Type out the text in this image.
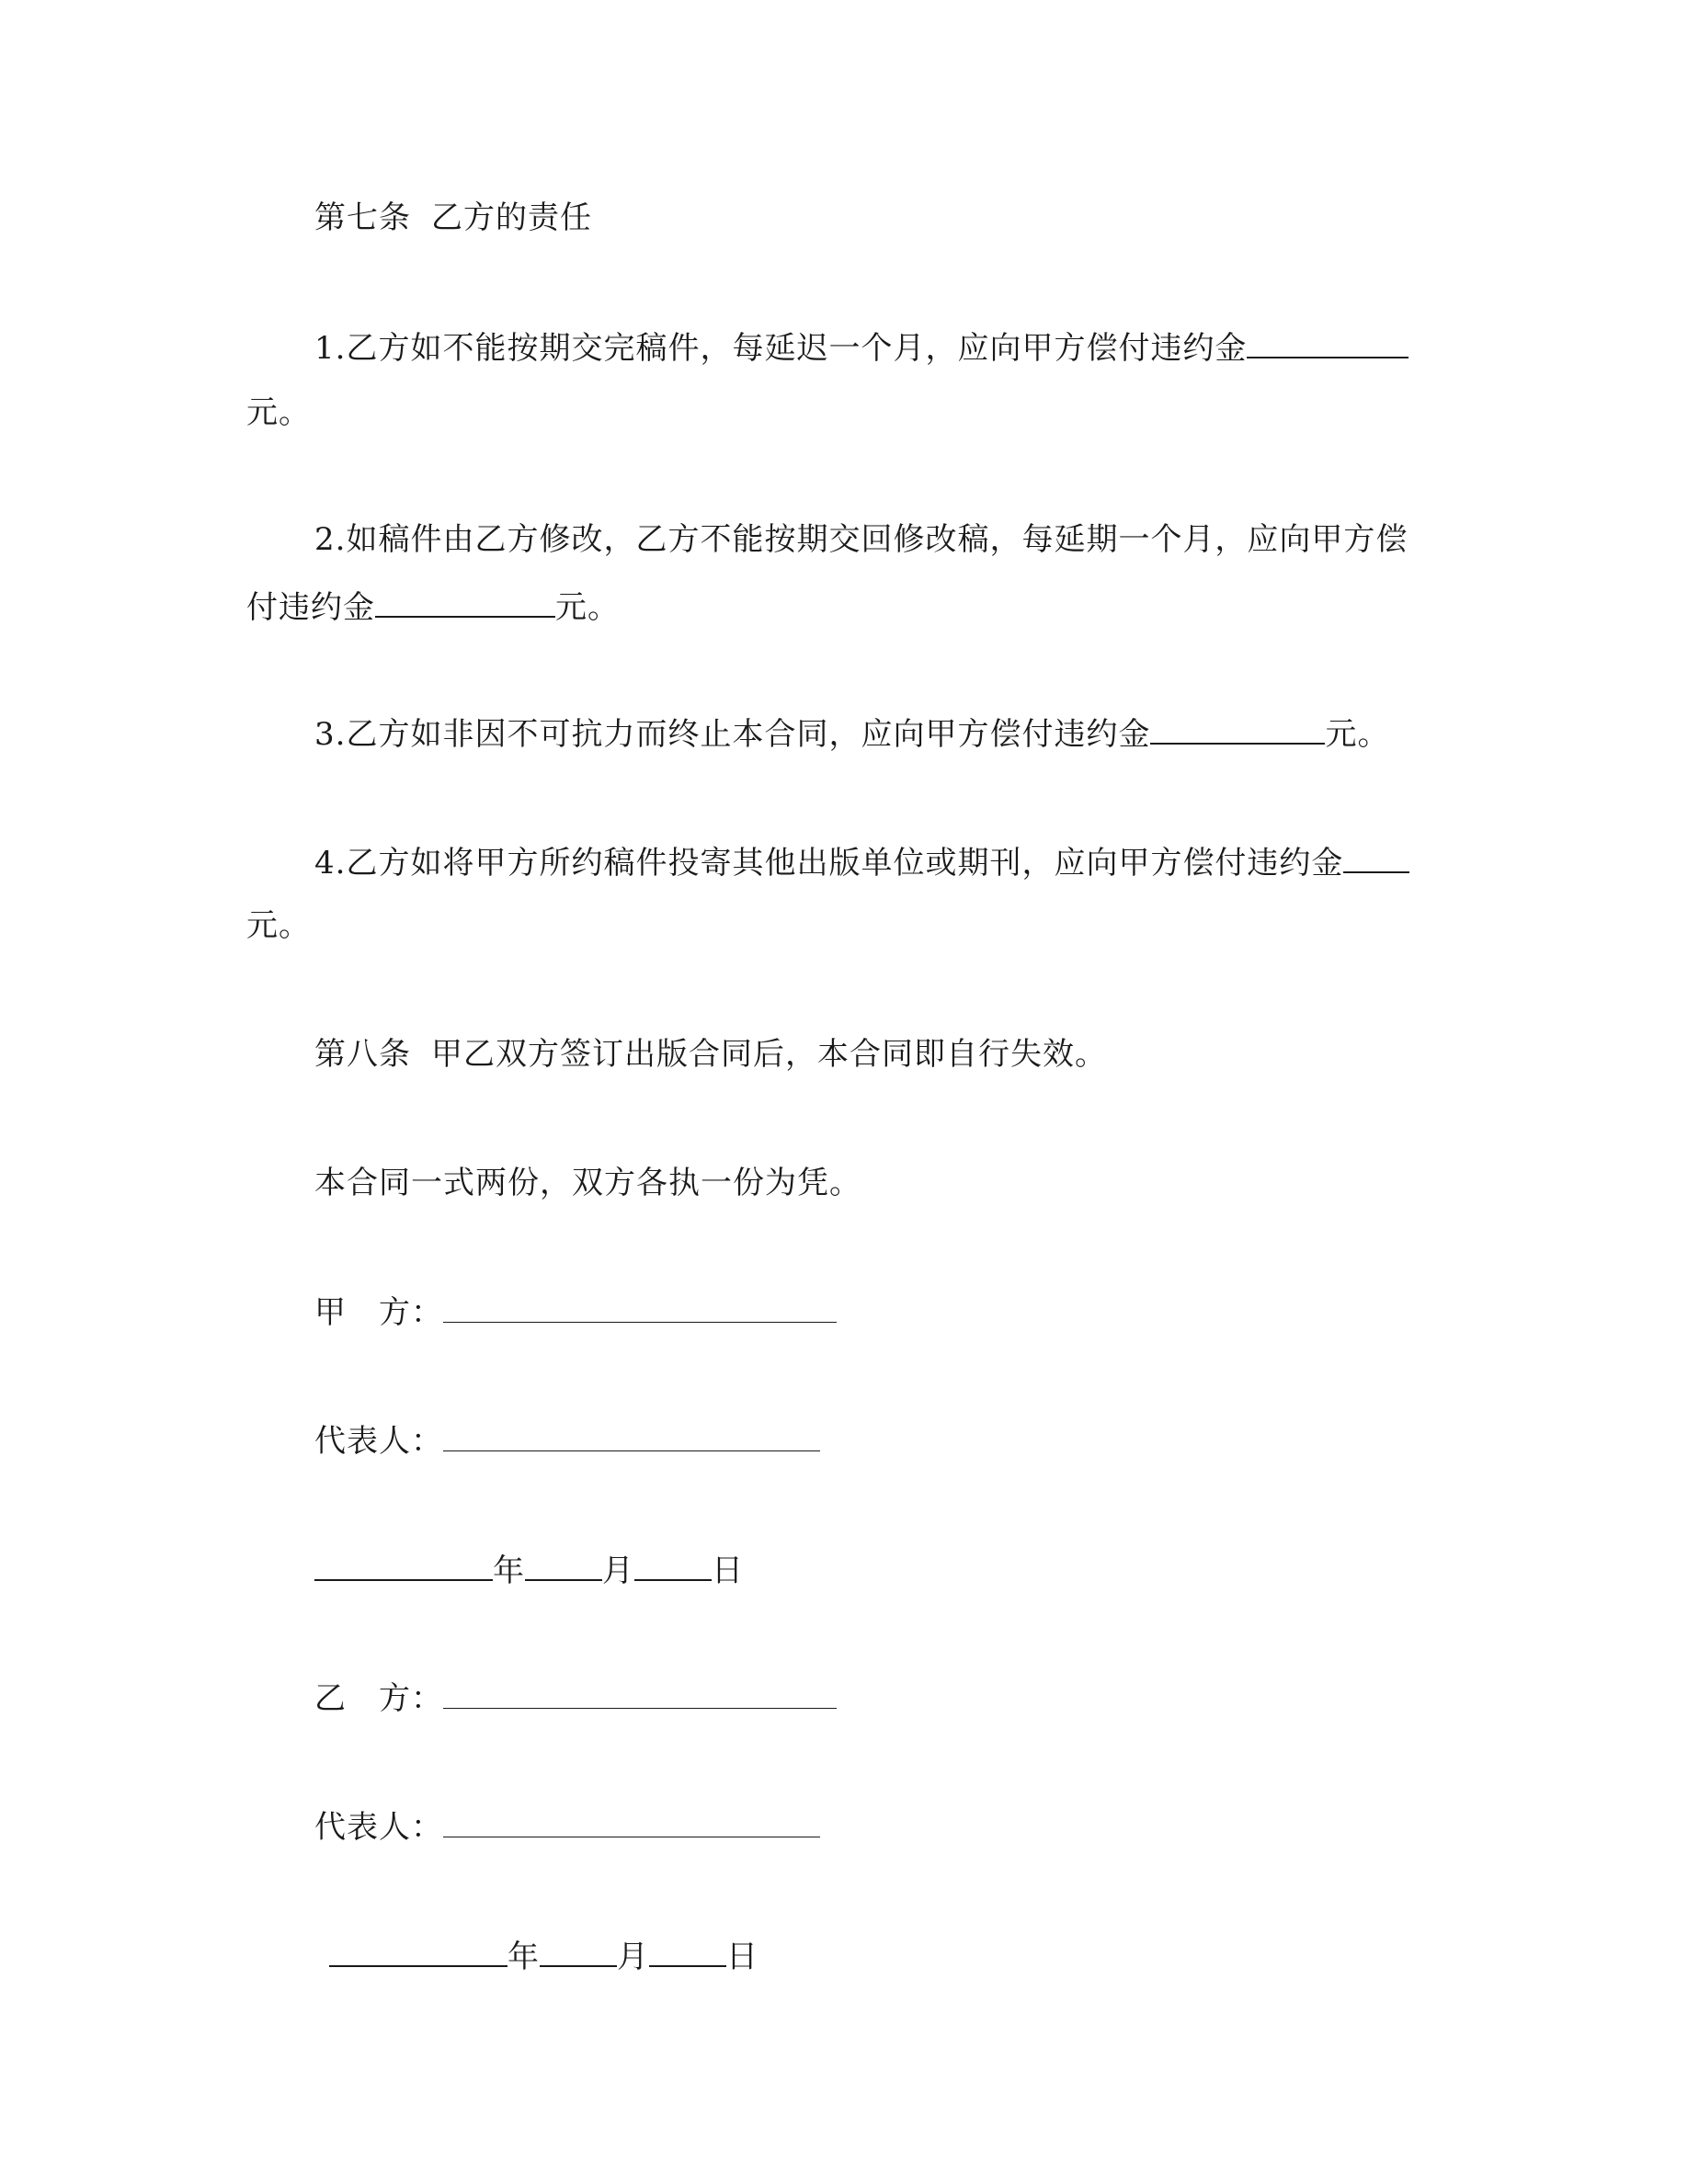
第七条 乙方的责任
1.乙方如不能按期交完稿件，每延迟一个月，应向甲方偿付违约金
元。
2.如稿件由乙方修改，乙方不能按期交回修改稿，每延期一个月，应向甲方偿
付违约金	元。
3.乙方如非因不可抗力而终止本合同，应向甲方偿付违约金	元。
4.乙方如将甲方所约稿件投寄其他出版单位或期刊，应向甲方偿付违约金
元。
第八条 甲乙双方签订出版合同后，本合同即自行失效。
本合同一式两份，双方各执一份为凭。
甲　方：
代表人：
年 月 日
乙　方：
代表人：
年 月 日
